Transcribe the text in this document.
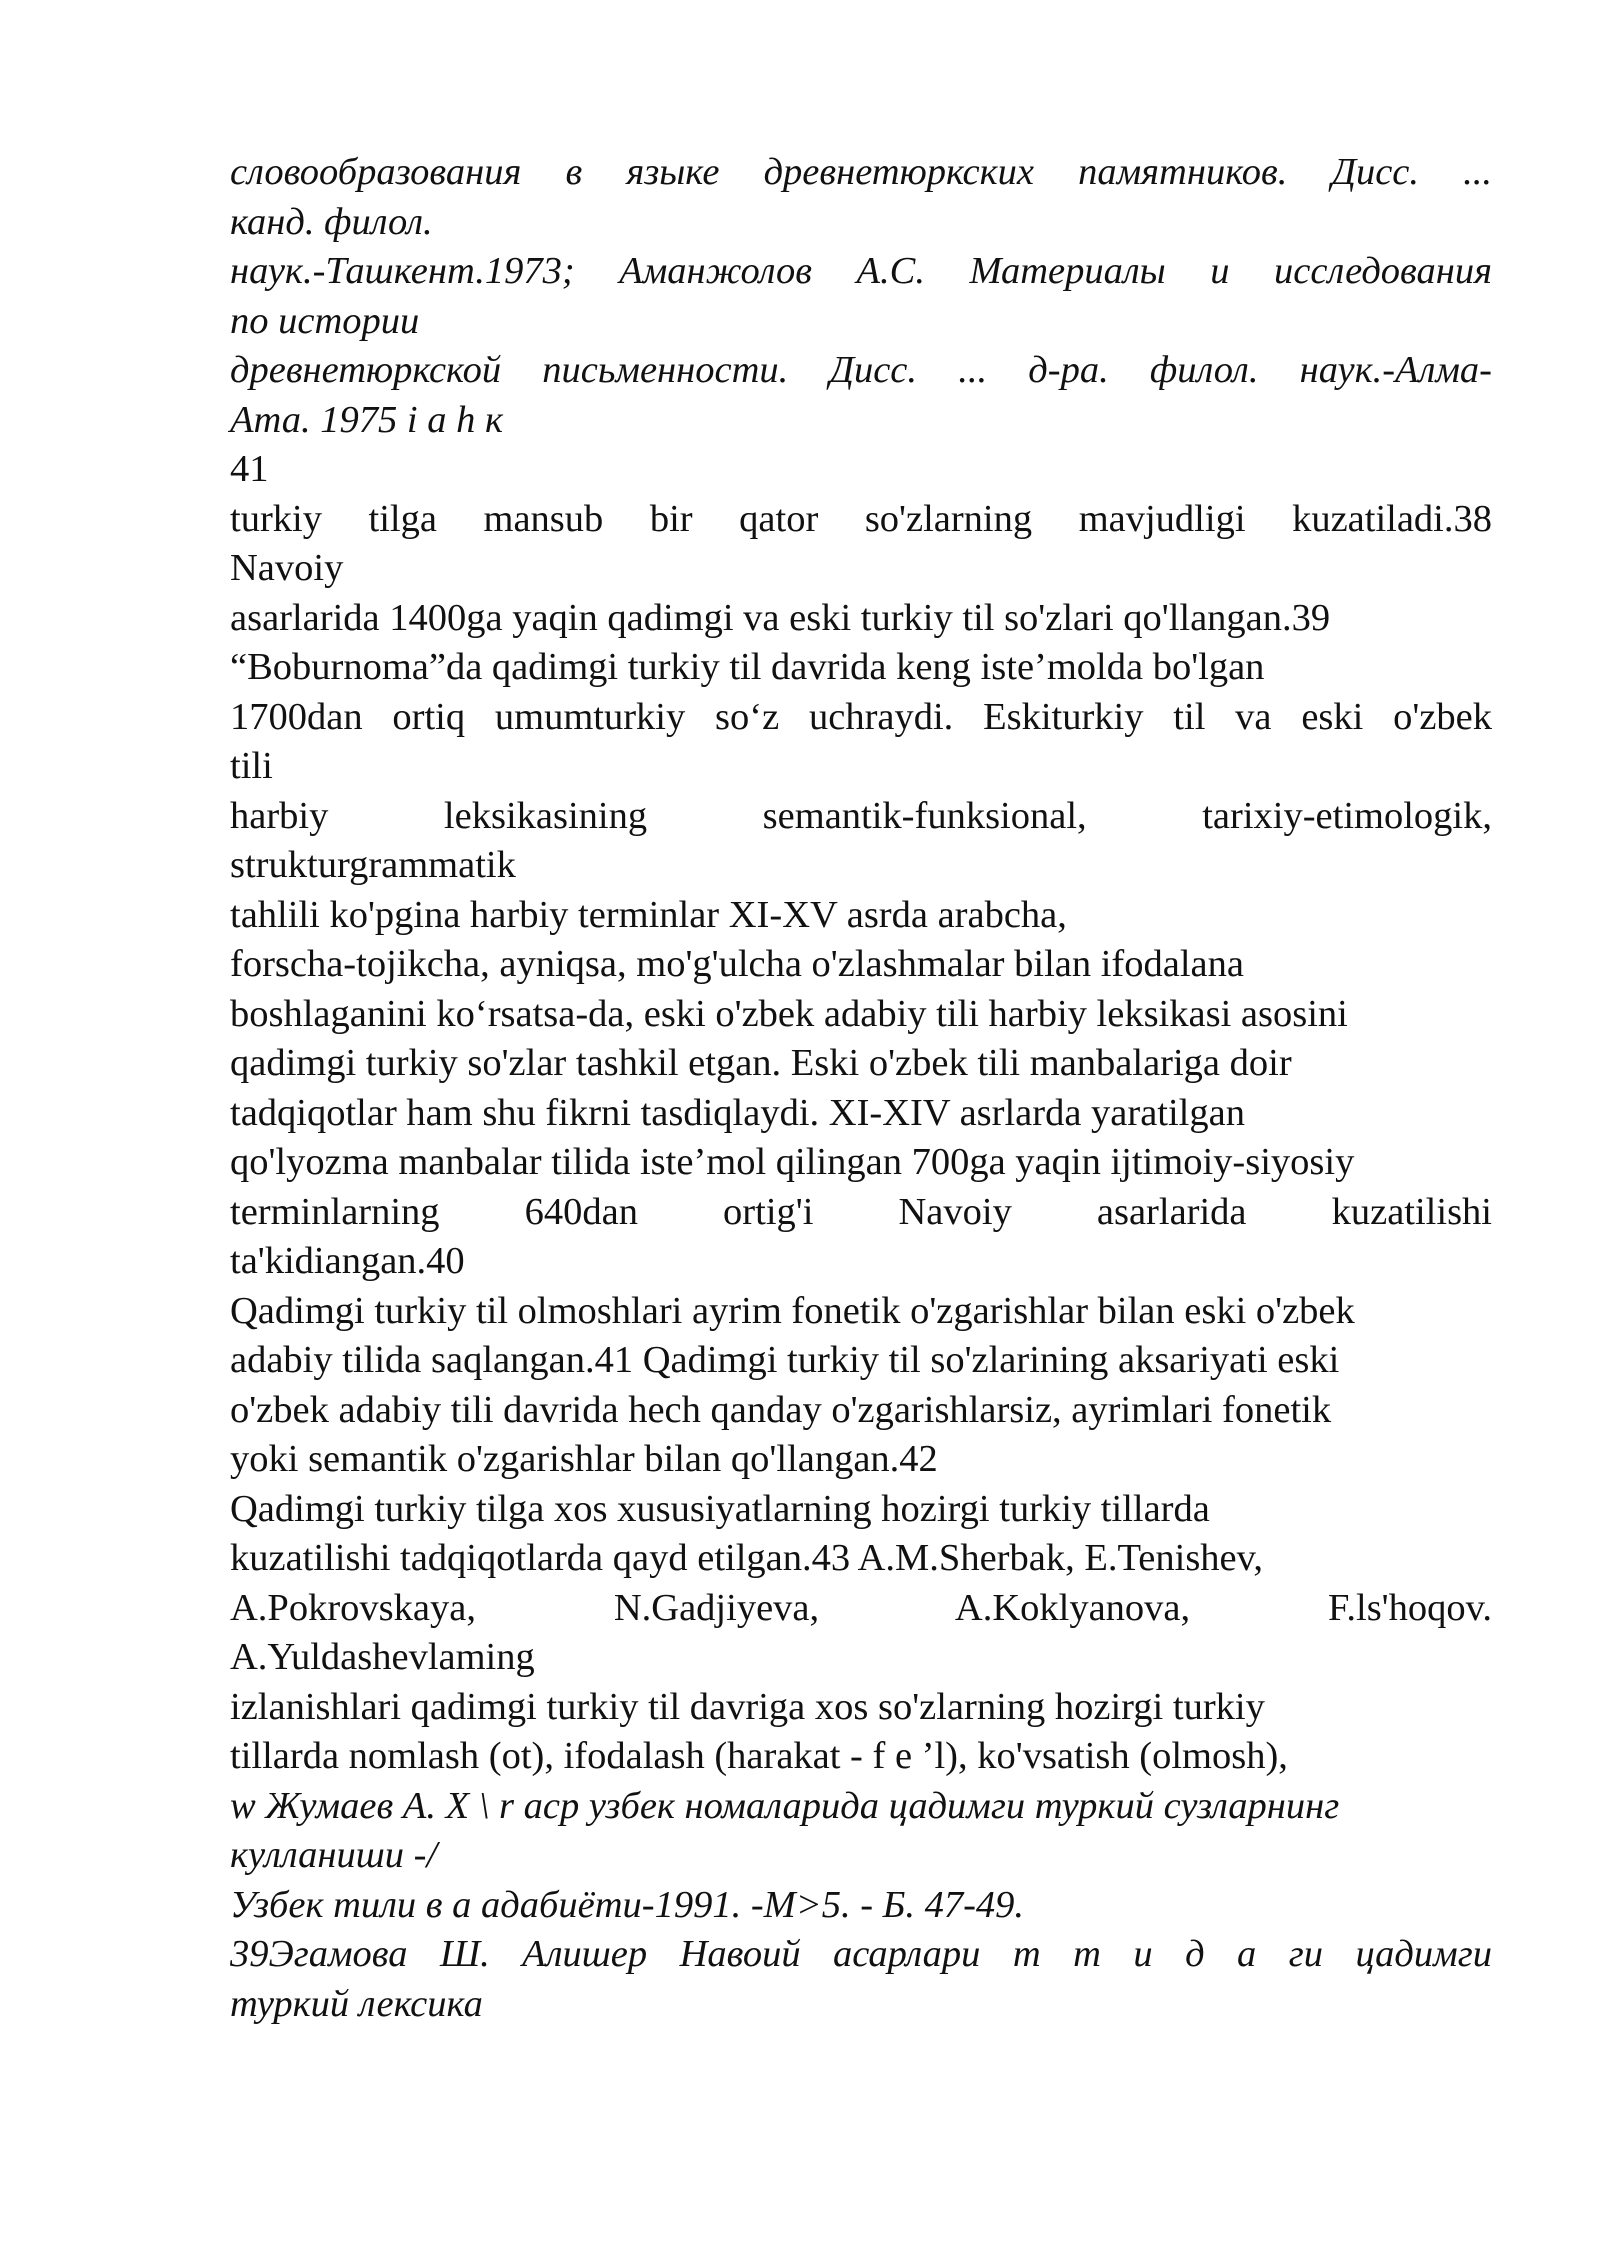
словообразования в языке древнетюркских памятников. Дисс. ...
канд. филол.
наук.-Ташкент.1973; Аманжолов А.С. Материалы и исследования
по истории
древнетюркской письменности. Дисс. ... д-ра. филол. наук.-Алма-
Ата. 1975 і а h к
41
turkiy tilga mansub bir qator so'zlarning mavjudligi kuzatiladi.38
Navoiy
asarlarida 1400ga yaqin qadimgi va eski turkiy til so'zlari qo'llangan.39
“Boburnoma”da qadimgi turkiy til davrida keng iste’molda bo'lgan
1700dan ortiq umumturkiy so‘z uchraydi. Eskiturkiy til va eski o'zbek
tili
harbiy leksikasining semantik-funksional, tarixiy-etimologik,
strukturgrammatik
tahlili ko'pgina harbiy terminlar XI-XV asrda arabcha,
forscha-tojikcha, ayniqsa, mo'g'ulcha o'zlashmalar bilan ifodalana
boshlaganini ko‘rsatsa-da, eski o'zbek adabiy tili harbiy leksikasi asosini
qadimgi turkiy so'zlar tashkil etgan. Eski o'zbek tili manbalariga doir
tadqiqotlar ham shu fikrni tasdiqlaydi. XI-XIV asrlarda yaratilgan
qo'lyozma manbalar tilida iste’mol qilingan 700ga yaqin ijtimoiy-siyosiy
terminlarning 640dan ortig'i Navoiy asarlarida kuzatilishi
ta'kidiangan.40
Qadimgi turkiy til olmoshlari ayrim fonetik o'zgarishlar bilan eski o'zbek
adabiy tilida saqlangan.41 Qadimgi turkiy til so'zlarining aksariyati eski
o'zbek adabiy tili davrida hech qanday o'zgarishlarsiz, ayrimlari fonetik
yoki semantik o'zgarishlar bilan qo'llangan.42
Qadimgi turkiy tilga xos xususiyatlarning hozirgi turkiy tillarda
kuzatilishi tadqiqotlarda qayd etilgan.43 A.M.Sherbak, E.Tenishev,
A.Pokrovskaya, N.Gadjiyeva, A.Koklyanova, F.ls'hoqov.
A.Yuldashevlaming
izlanishlari qadimgi turkiy til davriga xos so'zlarning hozirgi turkiy
tillarda nomlash (ot), ifodalash (harakat - f e ’l), ko'vsatish (olmosh),
w Жумаев А. X \ r аср узбек номаларида цадимги туркий сузларнинг
кулланиши -/
Узбек тили в а адабиёти-1991. -М>5. - Б. 47-49.
39Эгамова Ш. Алишер Навоий асарлари т т и д а ги цадимги
туркий лексика
